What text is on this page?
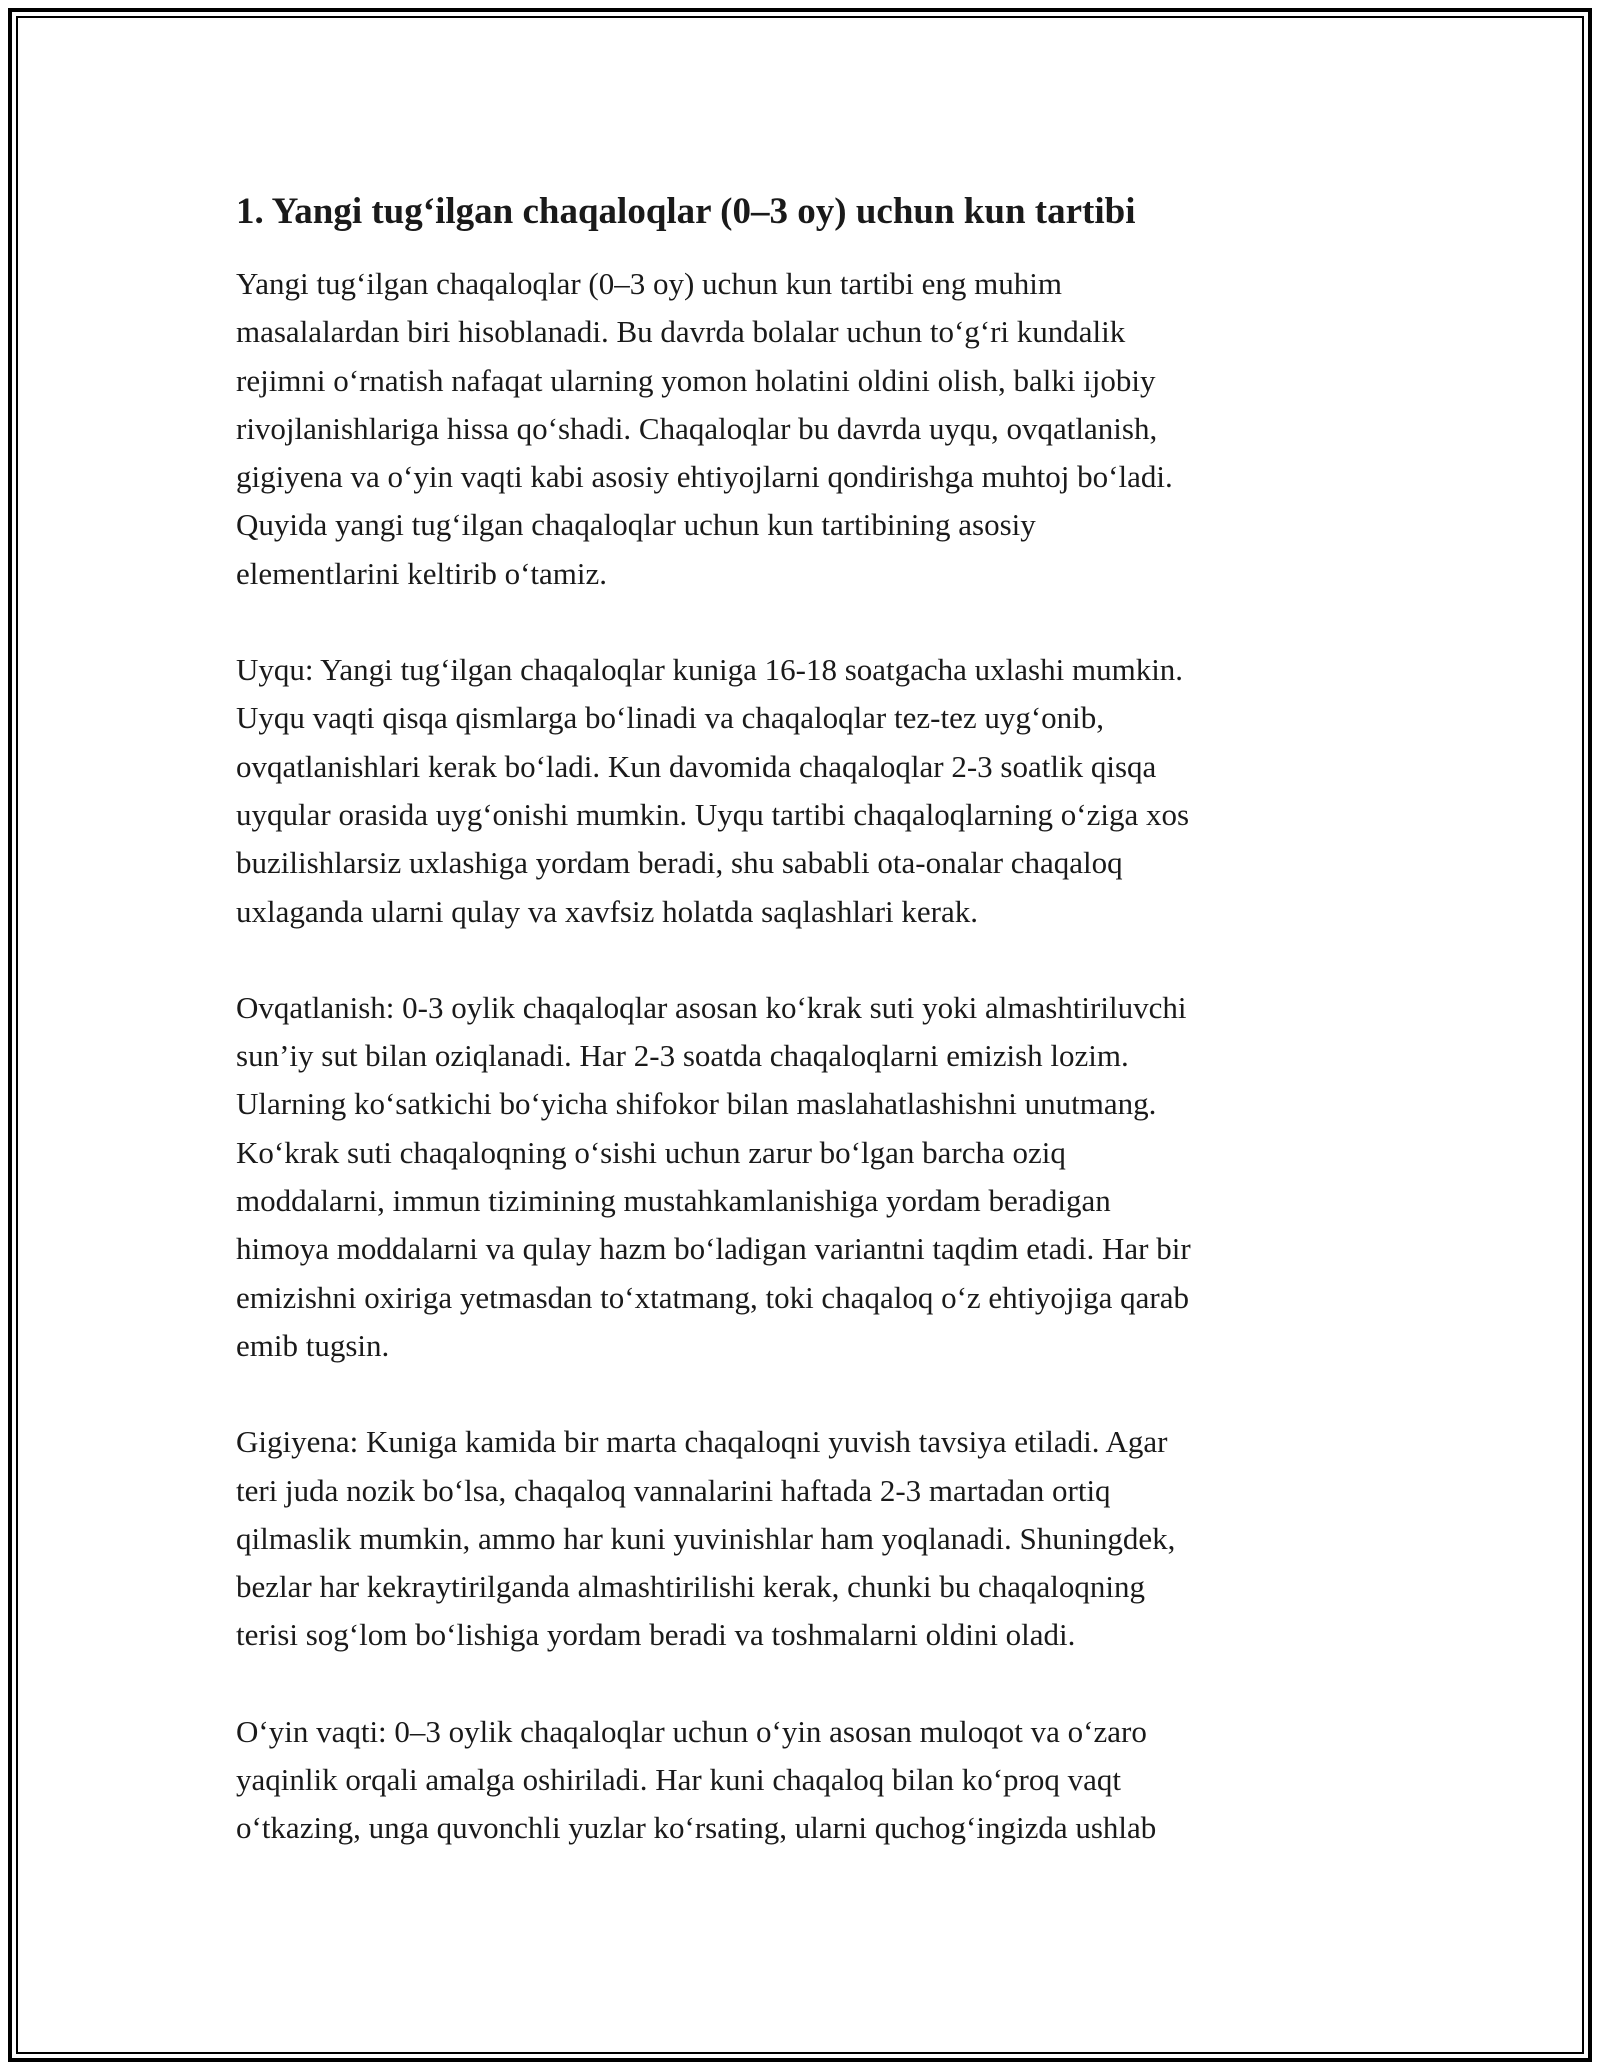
1. Yangi tug‘ilgan chaqaloqlar (0–3 oy) uchun kun tartibi
Yangi tug‘ilgan chaqaloqlar (0–3 oy) uchun kun tartibi eng muhim
masalalardan biri hisoblanadi. Bu davrda bolalar uchun to‘g‘ri kundalik
rejimni o‘rnatish nafaqat ularning yomon holatini oldini olish, balki ijobiy
rivojlanishlariga hissa qo‘shadi. Chaqaloqlar bu davrda uyqu, ovqatlanish,
gigiyena va o‘yin vaqti kabi asosiy ehtiyojlarni qondirishga muhtoj bo‘ladi.
Quyida yangi tug‘ilgan chaqaloqlar uchun kun tartibining asosiy
elementlarini keltirib o‘tamiz.
Uyqu: Yangi tug‘ilgan chaqaloqlar kuniga 16-18 soatgacha uxlashi mumkin.
Uyqu vaqti qisqa qismlarga bo‘linadi va chaqaloqlar tez-tez uyg‘onib,
ovqatlanishlari kerak bo‘ladi. Kun davomida chaqaloqlar 2-3 soatlik qisqa
uyqular orasida uyg‘onishi mumkin. Uyqu tartibi chaqaloqlarning o‘ziga xos
buzilishlarsiz uxlashiga yordam beradi, shu sababli ota-onalar chaqaloq
uxlaganda ularni qulay va xavfsiz holatda saqlashlari kerak.
Ovqatlanish: 0-3 oylik chaqaloqlar asosan ko‘krak suti yoki almashtiriluvchi
sun’iy sut bilan oziqlanadi. Har 2-3 soatda chaqaloqlarni emizish lozim.
Ularning ko‘satkichi bo‘yicha shifokor bilan maslahatlashishni unutmang.
Ko‘krak suti chaqaloqning o‘sishi uchun zarur bo‘lgan barcha oziq
moddalarni, immun tizimining mustahkamlanishiga yordam beradigan
himoya moddalarni va qulay hazm bo‘ladigan variantni taqdim etadi. Har bir
emizishni oxiriga yetmasdan to‘xtatmang, toki chaqaloq o‘z ehtiyojiga qarab
emib tugsin.
Gigiyena: Kuniga kamida bir marta chaqaloqni yuvish tavsiya etiladi. Agar
teri juda nozik bo‘lsa, chaqaloq vannalarini haftada 2-3 martadan ortiq
qilmaslik mumkin, ammo har kuni yuvinishlar ham yoqlanadi. Shuningdek,
bezlar har kekraytirilganda almashtirilishi kerak, chunki bu chaqaloqning
terisi sog‘lom bo‘lishiga yordam beradi va toshmalarni oldini oladi.
O‘yin vaqti: 0–3 oylik chaqaloqlar uchun o‘yin asosan muloqot va o‘zaro
yaqinlik orqali amalga oshiriladi. Har kuni chaqaloq bilan ko‘proq vaqt
o‘tkazing, unga quvonchli yuzlar ko‘rsating, ularni quchog‘ingizda ushlab
